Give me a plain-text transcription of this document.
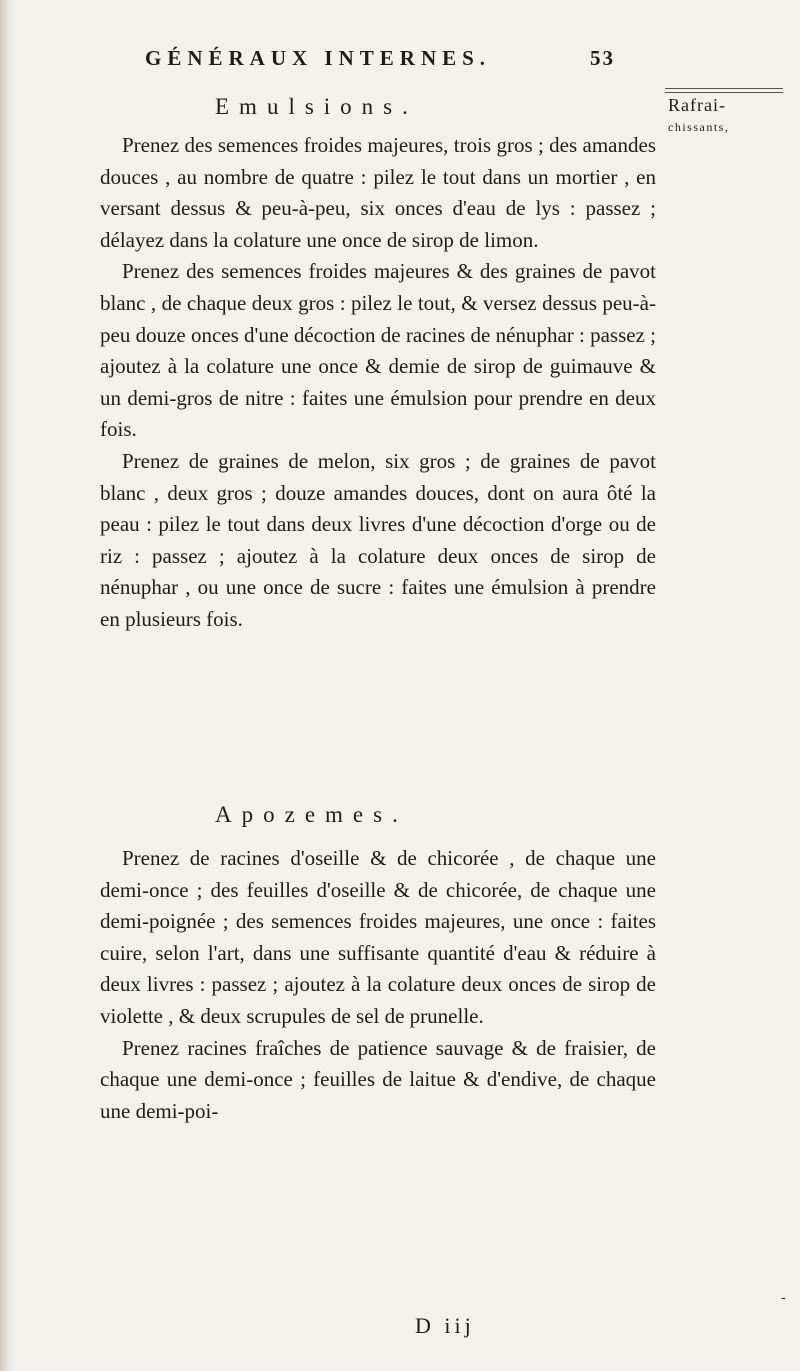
GÉNÉRAUX INTERNES.	53
Rafrai-
chissants,
Emulsions.

Prenez des semences froides majeures, trois gros ; des amandes douces , au nombre de quatre : pilez le tout dans un mortier , en versant dessus & peu-à-peu, six onces d'eau de lys : passez ; délayez dans la colature une once de sirop de limon.

Prenez des semences froides majeures & des graines de pavot blanc , de chaque deux gros : pilez le tout, & versez dessus peu-à-peu douze onces d'une décoction de racines de nénuphar : passez ; ajoutez à la colature une once & demie de sirop de guimauve & un demi-gros de nitre : faites une émulsion pour prendre en deux fois.

Prenez de graines de melon, six gros ; de graines de pavot blanc , deux gros ; douze amandes douces, dont on aura ôté la peau : pilez le tout dans deux livres d'une décoction d'orge ou de riz : passez ; ajoutez à la colature deux onces de sirop de nénuphar , ou une once de sucre : faites une émulsion à prendre en plusieurs fois.

Apozemes.

Prenez de racines d'oseille & de chicorée , de chaque une demi-once ; des feuilles d'oseille & de chicorée, de chaque une demi-poignée ; des semences froides majeures, une once : faites cuire, selon l'art, dans une suffisante quantité d'eau & réduire à deux livres : passez ; ajoutez à la colature deux onces de sirop de violette , & deux scrupules de sel de prunelle.

Prenez racines fraîches de patience sauvage & de fraisier, de chaque une demi-once ; feuilles de laitue & d'endive, de chaque une demi-poi-

-
D iij
